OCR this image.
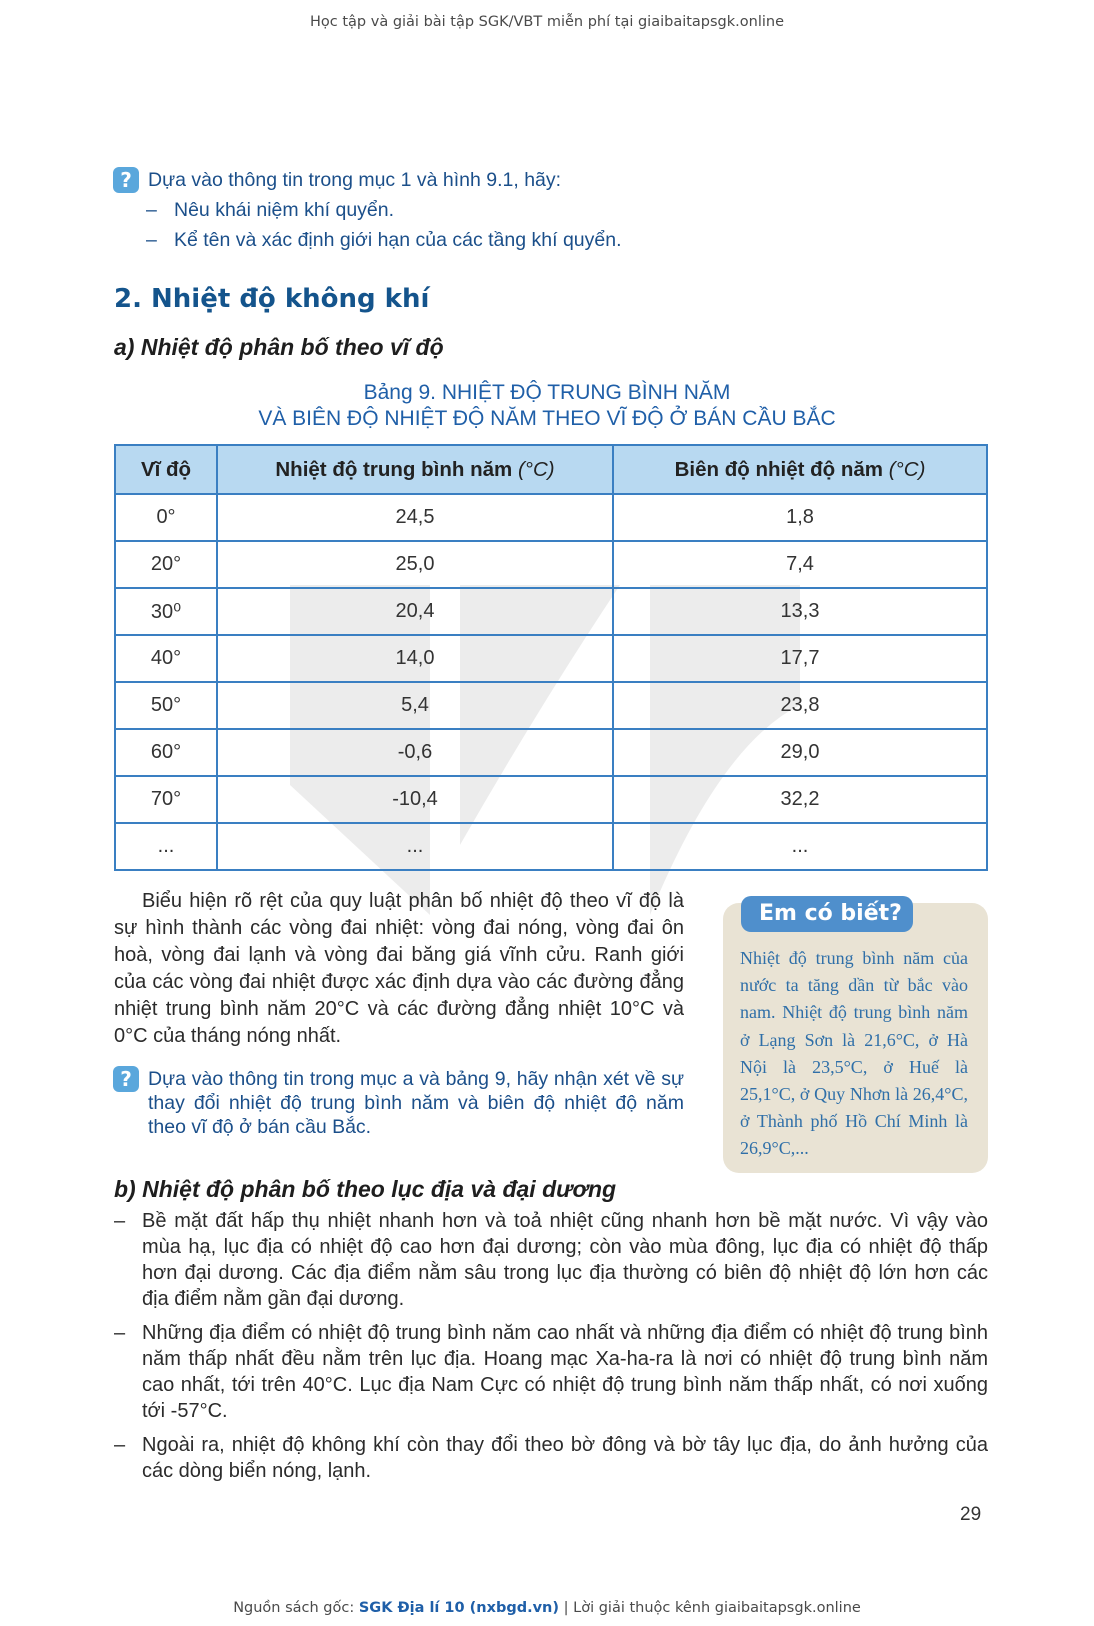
Học tập và giải bài tập SGK/VBT miễn phí tại giaibaitapsgk.online
? Dựa vào thông tin trong mục 1 và hình 9.1, hãy:
– Nêu khái niệm khí quyển.
– Kể tên và xác định giới hạn của các tầng khí quyển.
2. Nhiệt độ không khí
a) Nhiệt độ phân bố theo vĩ độ
Bảng 9. NHIỆT ĐỘ TRUNG BÌNH NĂM
VÀ BIÊN ĐỘ NHIỆT ĐỘ NĂM THEO VĨ ĐỘ Ở BÁN CẦU BẮC
Vĩ độ	Nhiệt độ trung bình năm (°C)	Biên độ nhiệt độ năm (°C)
0°	24,5	1,8
20°	25,0	7,4
30⁰	20,4	13,3
40°	14,0	17,7
50°	5,4	23,8
60°	-0,6	29,0
70°	-10,4	32,2
...	...	...
Biểu hiện rõ rệt của quy luật phân bố nhiệt độ theo vĩ độ là sự hình thành các vòng đai nhiệt: vòng đai nóng, vòng đai ôn hoà, vòng đai lạnh và vòng đai băng giá vĩnh cửu. Ranh giới của các vòng đai nhiệt được xác định dựa vào các đường đẳng nhiệt trung bình năm 20°C và các đường đẳng nhiệt 10°C và 0°C của tháng nóng nhất.
? Dựa vào thông tin trong mục a và bảng 9, hãy nhận xét về sự thay đổi nhiệt độ trung bình năm và biên độ nhiệt độ năm theo vĩ độ ở bán cầu Bắc.
Em có biết?
Nhiệt độ trung bình năm của nước ta tăng dần từ bắc vào nam. Nhiệt độ trung bình năm ở Lạng Sơn là 21,6°C, ở Hà Nội là 23,5°C, ở Huế là 25,1°C, ở Quy Nhơn là 26,4°C, ở Thành phố Hồ Chí Minh là 26,9°C,...
b) Nhiệt độ phân bố theo lục địa và đại dương
– Bề mặt đất hấp thụ nhiệt nhanh hơn và toả nhiệt cũng nhanh hơn bề mặt nước. Vì vậy vào mùa hạ, lục địa có nhiệt độ cao hơn đại dương; còn vào mùa đông, lục địa có nhiệt độ thấp hơn đại dương. Các địa điểm nằm sâu trong lục địa thường có biên độ nhiệt độ lớn hơn các địa điểm nằm gần đại dương.
– Những địa điểm có nhiệt độ trung bình năm cao nhất và những địa điểm có nhiệt độ trung bình năm thấp nhất đều nằm trên lục địa. Hoang mạc Xa-ha-ra là nơi có nhiệt độ trung bình năm cao nhất, tới trên 40°C. Lục địa Nam Cực có nhiệt độ trung bình năm thấp nhất, có nơi xuống tới -57°C.
– Ngoài ra, nhiệt độ không khí còn thay đổi theo bờ đông và bờ tây lục địa, do ảnh hưởng của các dòng biển nóng, lạnh.
29
Nguồn sách gốc: SGK Địa lí 10 (nxbgd.vn) | Lời giải thuộc kênh giaibaitapsgk.online
